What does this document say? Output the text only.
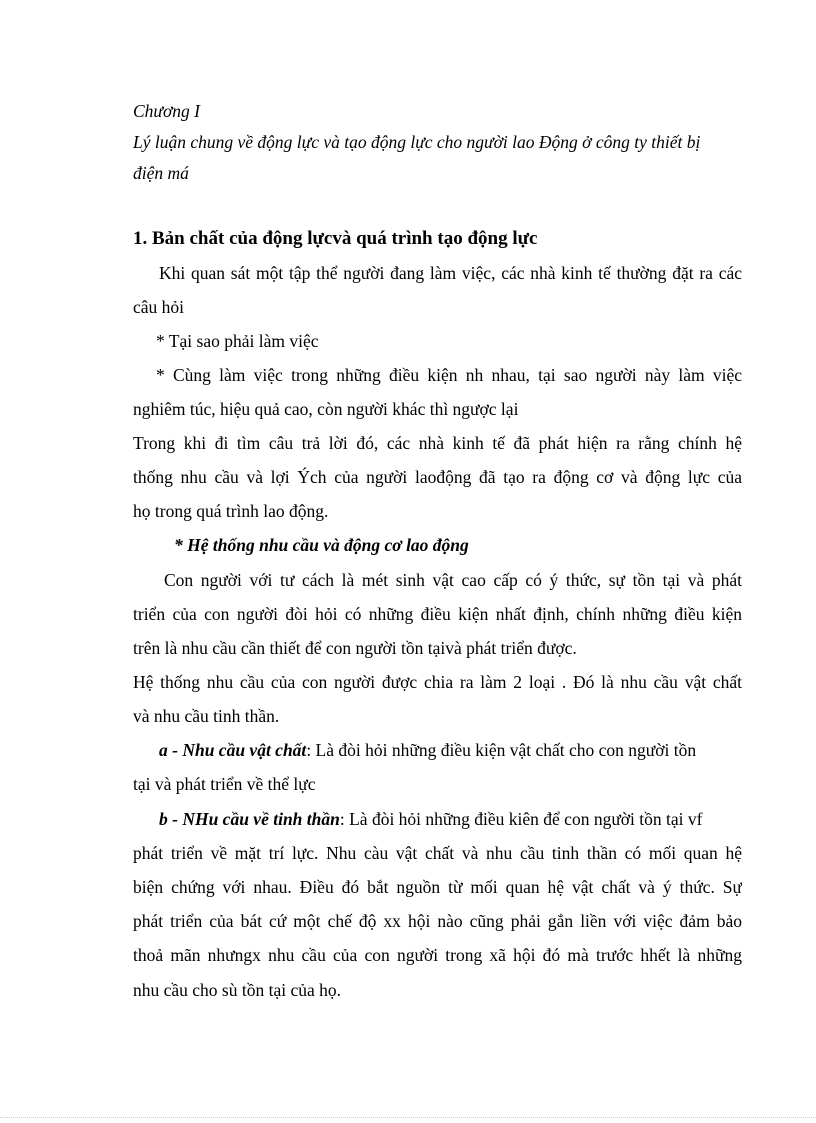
Chương I
Lý luận chung về động lực và tạo động lực cho người lao Động ở công ty thiết bị
điện má
1. Bản chất của động lựcvà quá trình tạo động lực
Khi quan sát một tập thể người đang làm việc, các nhà kinh tế thường đặt ra các
câu hỏi
* Tại sao phải làm việc
* Cùng làm việc trong những điều kiện nh nhau, tại sao người này làm việc
nghiêm túc, hiệu quả cao, còn người khác thì ngược lại
Trong khi đi tìm câu trả lời đó, các nhà kinh tế đã phát hiện ra rằng chính hệ
thống nhu cầu và lợi Ých của người laođộng đã tạo ra động cơ và động lực của
họ trong quá trình lao động.
* Hệ thống nhu cầu và động cơ lao động
Con người với tư cách là mét sinh vật cao cấp có ý thức, sự tồn tại và phát
triển của con người đòi hỏi có những điều kiện nhất định, chính những điều kiện
trên là nhu cầu cần thiết để con người tồn tạivà phát triển được.
Hệ thống nhu cầu của con người được chia ra làm 2 loại . Đó là nhu cầu vật chất
và nhu cầu tinh thần.
a - Nhu cầu vật chất: Là đòi hỏi những điều kiện vật chất cho con người tồn
tại và phát triển về thể lực
b - NHu cầu về tinh thần: Là đòi hỏi những điều kiên để con người tồn tại vf
phát triển về mặt trí lực. Nhu càu vật chất và nhu cầu tinh thần có mối quan hệ
biện chứng với nhau. Điều đó bắt nguồn từ mối quan hệ vật chất và ý thức. Sự
phát triển của bát cứ một chế độ xx hội nào cũng phải gắn liền với việc đảm bảo
thoả mãn nhưngx nhu cầu của con người trong xã hội đó mà trước hhết là những
nhu cầu cho sù tồn tại của họ.
